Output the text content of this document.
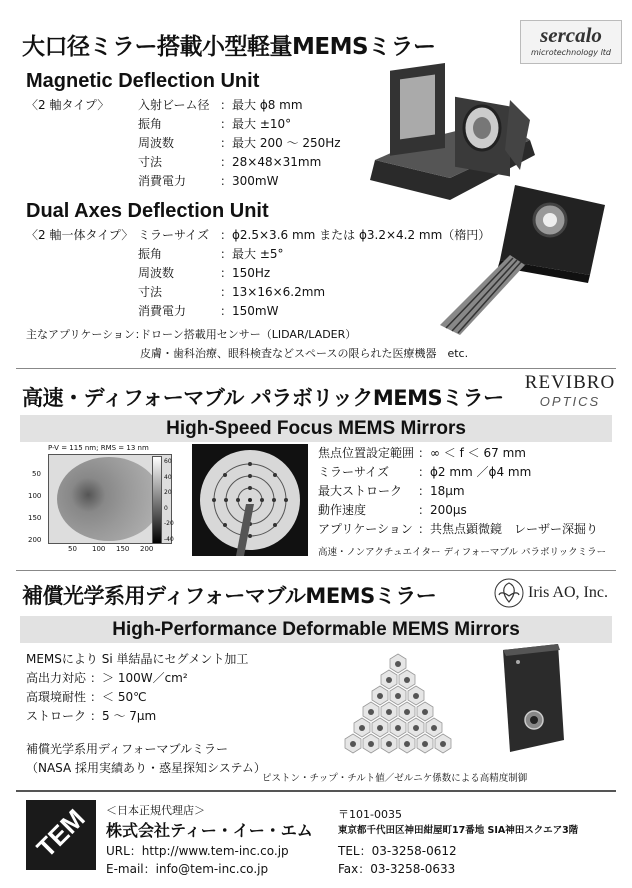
大口径ミラー搭載小型軽量MEMSミラー	sercalo
microtechnology ltd
Magnetic Deflection Unit
〈2 軸タイプ〉 入射ビーム径 ：最大 ϕ8 mm
振角	：最大 ±10°
周波数	：最大 200 ～ 250Hz
寸法	：28×48×31mm
消費電力	：300mW
Dual Axes Deflection Unit
〈2 軸一体タイプ〉 ミラーサイズ ：ϕ2.5×3.6 mm または ϕ3.2×4.2 mm（楕円）
振角	：最大 ±5°
周波数	：150Hz
寸法	：13×16×6.2mm
消費電力	：150mW
主なアプリケーション：
ドローン搭載用センサー（LIDAR/LADER）
皮膚・歯科治療、眼科検査などスペースの限られた医療機器　etc.
高速・ディフォーマブル パラボリックMEMSミラー
REVIBRO
OPTICS
High-Speed Focus MEMS Mirrors
P-V = 115 nm; RMS = 13 nm
50
100
150
200
50 100 150 200
60
40
20
0
-20
-40
焦点位置設定範囲 ：∞ ＜ f ＜ 67 mm
ミラーサイズ ：ϕ2 mm ／ϕ4 mm
最大ストローク ：18µm
動作速度	：200µs
アプリケーション ：共焦点顕微鏡　レーザー深掘り
高速・ノンアクチュエイター ディフォーマブル パラボリックミラー
補償光学系用ディフォーマブルMEMSミラー	Iris AO, Inc.
High-Performance Deformable MEMS Mirrors
MEMSにより Si 単結晶にセグメント加工
高出力対応 ：＞ 100W／cm²
高環境耐性 ：＜ 50℃
ストローク ：5 ～ 7µm
補償光学系用ディフォーマブルミラー
（NASA 採用実績あり・惑星探知システム）
ピストン・チップ・チルト値／ゼルニケ係数による高精度制御
TEM ＜日本正規代理店＞
株式会社ティー・イー・エム
URL：http://www.tem-inc.co.jp
E-mail：info@tem-inc.co.jp
〒101-0035
東京都千代田区神田紺屋町17番地 SIA神田スクエア3階
TEL：03-3258-0612
Fax：03-3258-0633
